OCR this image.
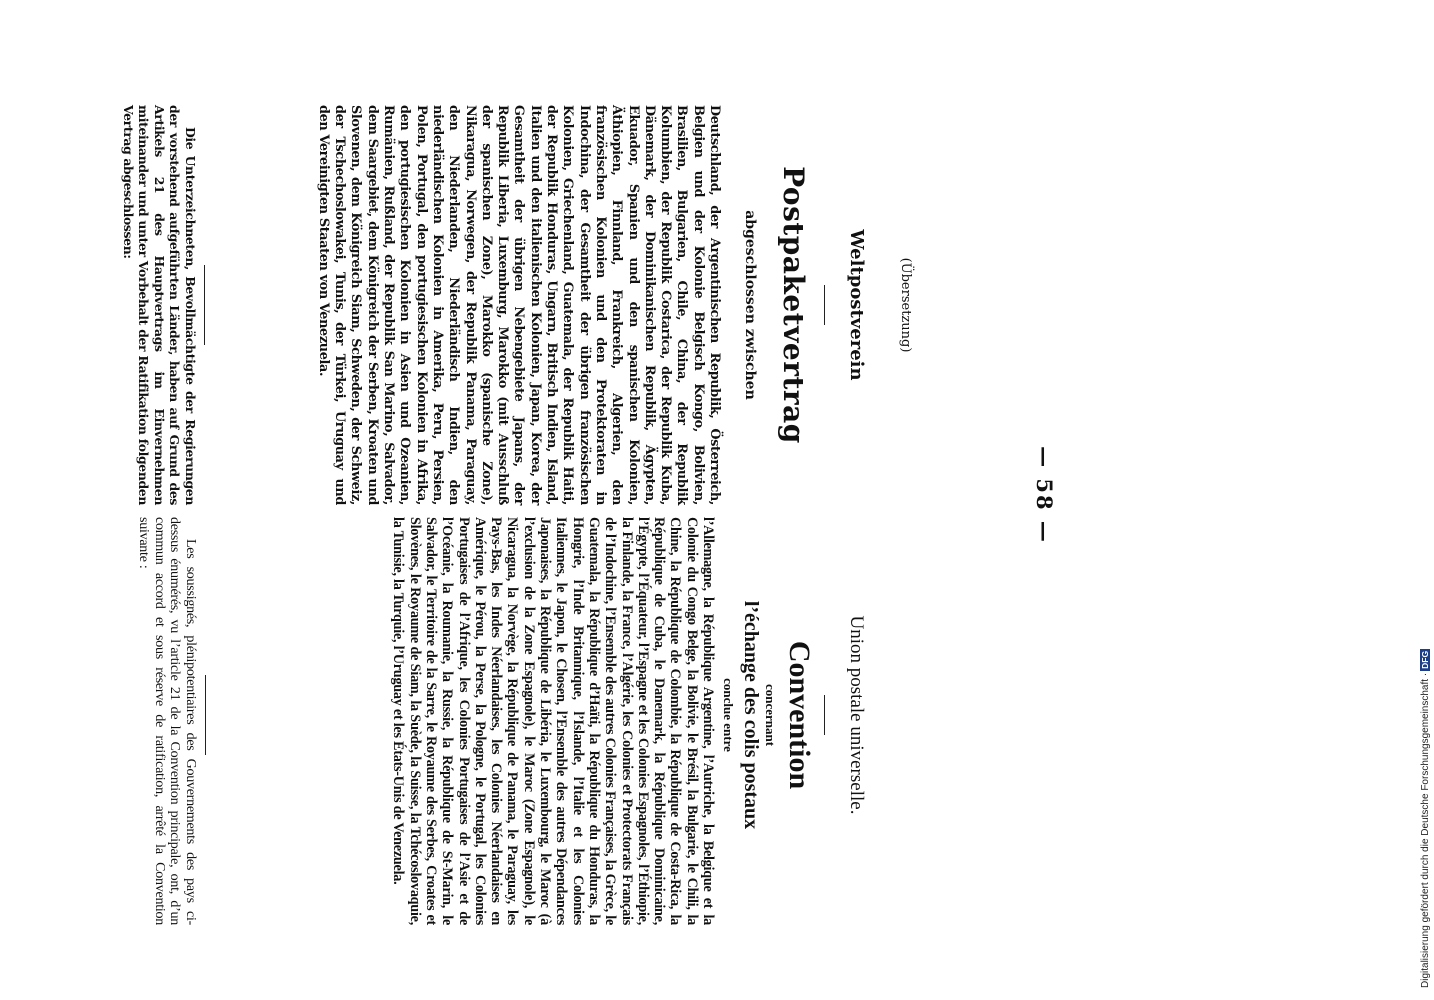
— 58 —
(Übersetzung)
Weltpostverein
Postpaketvertrag
abgeschlossen zwischen
Deutschland, der Argentinischen Republik, Österreich, Belgien und der Kolonie Belgisch Kongo, Bolivien, Brasilien, Bulgarien, Chile, China, der Republik Kolumbien, der Republik Costarica, der Republik Kuba, Dänemark, der Dominikanischen Republik, Ägypten, Ekuador, Spanien und den spanischen Kolonien, Äthiopien, Finnland, Frankreich, Algerien, den französischen Kolonien und den Protektoraten in Indochina, der Gesamtheit der übrigen französischen Kolonien, Griechenland, Guatemala, der Republik Haiti, der Republik Honduras, Ungarn, Britisch Indien, Island, Italien und den italienischen Kolonien, Japan, Korea, der Gesamtheit der übrigen Nebengebiete Japans, der Republik Liberia, Luxemburg, Marokko (mit Ausschluß der spanischen Zone), Marokko (spanische Zone), Nikaragua, Norwegen, der Republik Panama, Paraguay, den Niederlanden, Niederländisch Indien, den niederländischen Kolonien in Amerika, Peru, Persien, Polen, Portugal, den portugiesischen Kolonien in Afrika, den portugiesischen Kolonien in Asien und Ozeanien, Rumänien, Rußland, der Republik San Marino, Salvador, dem Saargebiet, dem Königreich der Serben, Kroaten und Slovenen, dem Königreich Siam, Schweden, der Schweiz, der Tschechoslowakei, Tunis, der Türkei, Uruguay und den Vereinigten Staaten von Venezuela.
Die Unterzeichneten, Bevollmächtigte der Regierungen der vorstehend aufgeführten Länder, haben auf Grund des Artikels 21 des Hauptvertrags im Einvernehmen miteinander und unter Vorbehalt der Ratifikation folgenden Vertrag abgeschlossen:
Union postale universelle.
Convention
concernant
l’échange des colis postaux
conclue entre
l’Allemagne, la République Argentine, l’Autriche, la Belgique et la Colonie du Congo Belge, la Bolivie, le Brésil, la Bulgarie, le Chili, la Chine, la République de Colombie, la République de Costa-Rica, la République de Cuba, le Danemark, la République Dominicaine, l’Égypte, l’Équateur, l’Espagne et les Colonies Espagnoles, l’Éthiopie, la Finlande, la France, l’Algérie, les Colonies et Protectorats Français de l’Indochine, l’Ensemble des autres Colonies Françaises, la Grèce, le Guatemala, la République d’Haïti, la République du Honduras, la Hongrie, l’Inde Britannique, l’Islande, l’Italie et les Colonies Italiennes, le Japon, le Chosen, l’Ensemble des autres Dépendances Japonaises, la République de Libéria, le Luxembourg, le Maroc (à l’exclusion de la Zone Espagnole), le Maroc (Zone Espagnole), le Nicaragua, la Norvège, la République de Panama, le Paraguay, les Pays-Bas, les Indes Néerlandaises, les Colonies Néerlandaises en Amérique, le Pérou, la Perse, la Pologne, le Portugal, les Colonies Portugaises de l’Afrique, les Colonies Portugaises de l’Asie et de l’Océanie, la Roumanie, la Russie, la République de St-Marin, le Salvador, le Territoire de la Sarre, le Royaume des Serbes, Croates et Slovènes, le Royaume de Siam, la Suède, la Suisse, la Tchécoslovaquie, la Tunisie, la Turquie, l’Uruguay et les États-Unis de Venezuela.
Les soussignés, plénipotentiaires des Gouvernements des pays ci-dessus énumérés, vu l’article 21 de la Convention principale, ont, d’un commun accord et sous réserve de ratification, arrêté la Convention suivante :
Digitalisierung gefördert durch die Deutsche Forschungsgemeinschaft ·DFG
